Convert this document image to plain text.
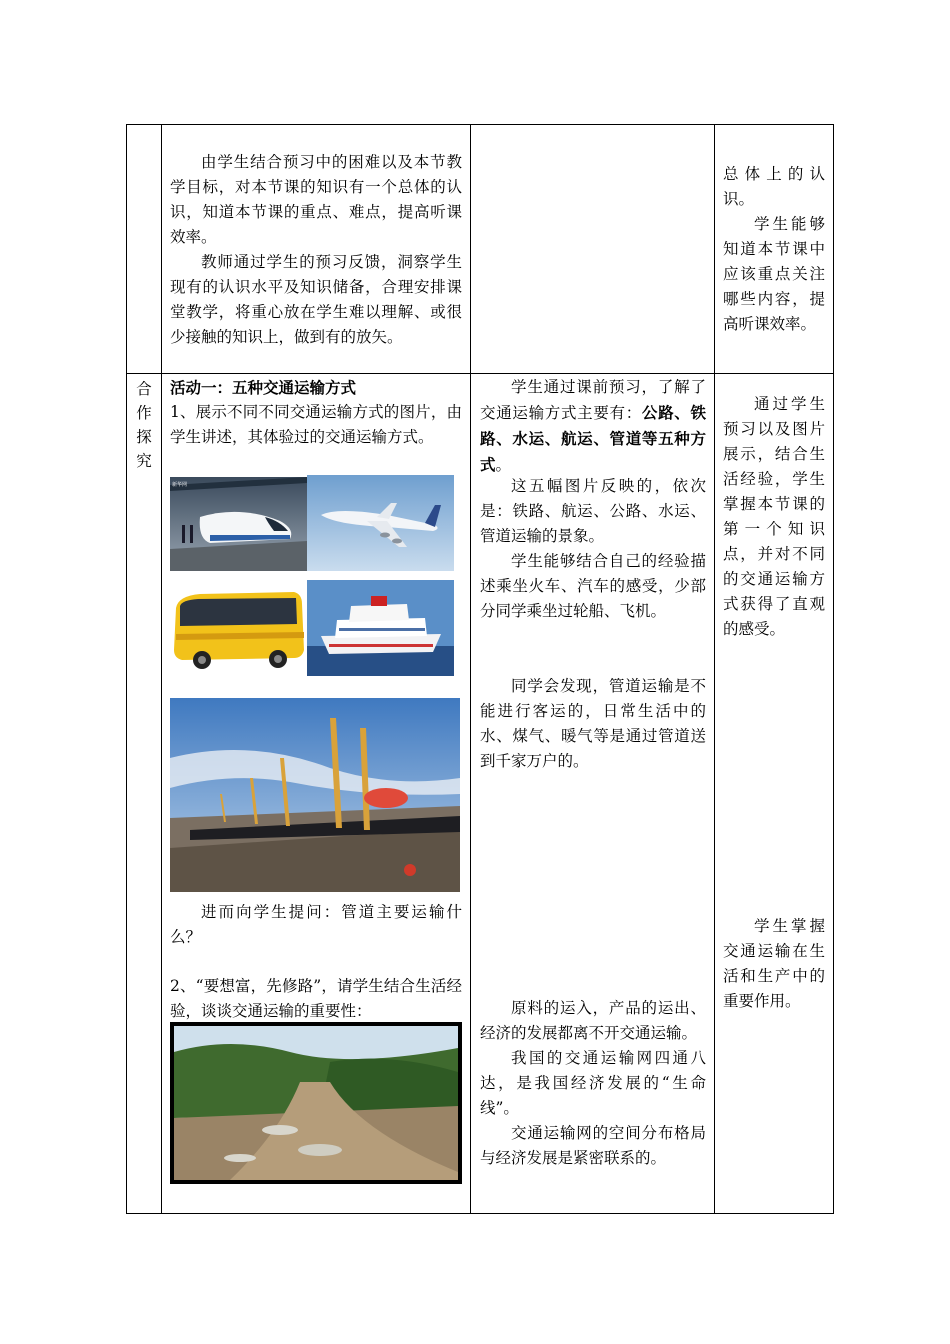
合
作
探
究
由学生结合预习中的困难以及本节教学目标，对本节课的知识有一个总体的认识，知道本节课的重点、难点，提高听课效率。
教师通过学生的预习反馈，洞察学生现有的认识水平及知识储备，合理安排课堂教学，将重心放在学生难以理解、或很少接触的知识上，做到有的放矢。
总体上的认识。
学生能够知道本节课中应该重点关注哪些内容，提高听课效率。
活动一：五种交通运输方式
1、展示不同不同交通运输方式的图片，由学生讲述，其体验过的交通运输方式。
新华网
进而向学生提问：管道主要运输什么？
2、“要想富，先修路”，请学生结合生活经验，谈谈交通运输的重要性：
学生通过课前预习，了解了交通运输方式主要有：公路、铁路、水运、航运、管道等五种方式。
这五幅图片反映的，依次是：铁路、航运、公路、水运、管道运输的景象。
学生能够结合自己的经验描述乘坐火车、汽车的感受，少部分同学乘坐过轮船、飞机。
同学会发现，管道运输是不能进行客运的，日常生活中的水、煤气、暖气等是通过管道送到千家万户的。
原料的运入，产品的运出、经济的发展都离不开交通运输。
我国的交通运输网四通八达，是我国经济发展的“生命线”。
交通运输网的空间分布格局与经济发展是紧密联系的。
通过学生预习以及图片展示，结合生活经验，学生掌握本节课的第一个知识点，并对不同的交通运输方式获得了直观的感受。
学生掌握交通运输在生活和生产中的重要作用。
